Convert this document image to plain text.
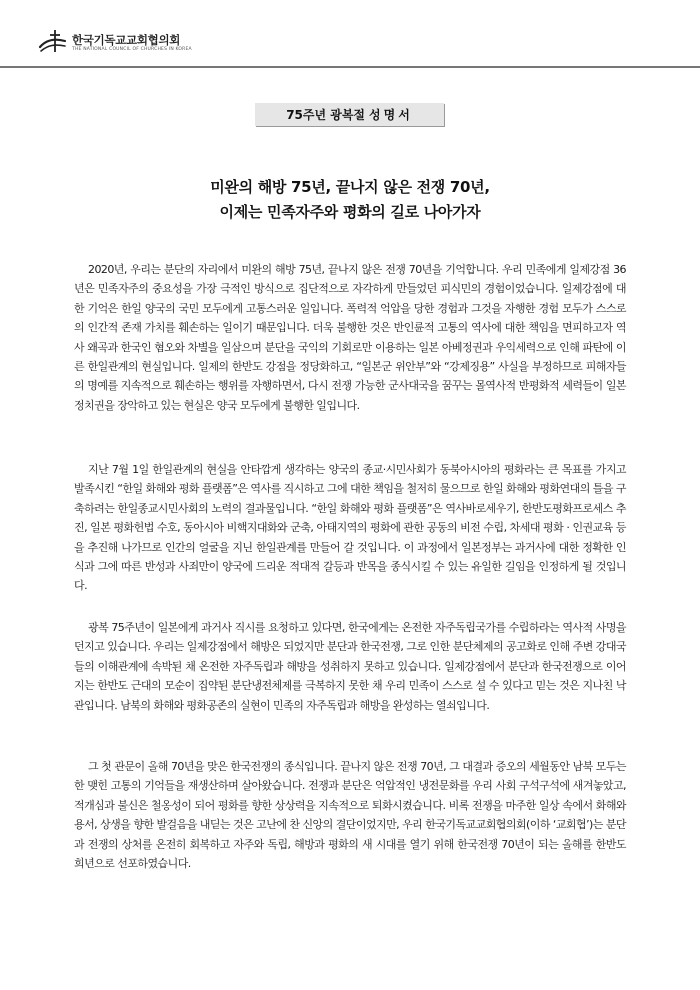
한국기독교교회협의회
THE NATIONAL COUNCIL OF CHURCHES IN KOREA
75주년 광복절 성명서
미완의 해방 75년, 끝나지 않은 전쟁 70년,
이제는 민족자주와 평화의 길로 나아가자

2020년, 우리는 분단의 자리에서 미완의 해방 75년, 끝나지 않은 전쟁 70년을 기억합니다. 우리 민족에게 일제강점 36년은 민족자주의 중요성을 가장 극적인 방식으로 집단적으로 자각하게 만들었던 피식민의 경험이었습니다. 일제강점에 대한 기억은 한일 양국의 국민 모두에게 고통스러운 일입니다. 폭력적 억압을 당한 경험과 그것을 자행한 경험 모두가 스스로의 인간적 존재 가치를 훼손하는 일이기 때문입니다. 더욱 불행한 것은 반인륜적 고통의 역사에 대한 책임을 면피하고자 역사 왜곡과 한국인 혐오와 차별을 일삼으며 분단을 국익의 기회로만 이용하는 일본 아베정권과 우익세력으로 인해 파탄에 이른 한일관계의 현실입니다. 일제의 한반도 강점을 정당화하고, “일본군 위안부”와 “강제징용” 사실을 부정하므로 피해자들의 명예를 지속적으로 훼손하는 행위를 자행하면서, 다시 전쟁 가능한 군사대국을 꿈꾸는 몰역사적 반평화적 세력들이 일본 정치권을 장악하고 있는 현실은 양국 모두에게 불행한 일입니다.

지난 7월 1일 한일관계의 현실을 안타깝게 생각하는 양국의 종교·시민사회가 동북아시아의 평화라는 큰 목표를 가지고 발족시킨 “한일 화해와 평화 플랫폼”은 역사를 직시하고 그에 대한 책임을 철저히 물으므로 한일 화해와 평화연대의 틀을 구축하려는 한일종교시민사회의 노력의 결과물입니다. “한일 화해와 평화 플랫폼”은 역사바로세우기, 한반도평화프로세스 추진, 일본 평화헌법 수호, 동아시아 비핵지대화와 군축, 아태지역의 평화에 관한 공동의 비전 수립, 차세대 평화 · 인권교육 등을 추진해 나가므로 인간의 얼굴을 지닌 한일관계를 만들어 갈 것입니다. 이 과정에서 일본정부는 과거사에 대한 정확한 인식과 그에 따른 반성과 사죄만이 양국에 드리운 적대적 갈등과 반목을 종식시킬 수 있는 유일한 길임을 인정하게 될 것입니다.

광복 75주년이 일본에게 과거사 직시를 요청하고 있다면, 한국에게는 온전한 자주독립국가를 수립하라는 역사적 사명을 던지고 있습니다. 우리는 일제강점에서 해방은 되었지만 분단과 한국전쟁, 그로 인한 분단체제의 공고화로 인해 주변 강대국들의 이해관계에 속박된 채 온전한 자주독립과 해방을 성취하지 못하고 있습니다. 일제강점에서 분단과 한국전쟁으로 이어지는 한반도 근대의 모순이 집약된 분단냉전체제를 극복하지 못한 채 우리 민족이 스스로 설 수 있다고 믿는 것은 지나친 낙관입니다. 남북의 화해와 평화공존의 실현이 민족의 자주독립과 해방을 완성하는 열쇠입니다.

그 첫 관문이 올해 70년을 맞은 한국전쟁의 종식입니다. 끝나지 않은 전쟁 70년, 그 대결과 증오의 세월동안 남북 모두는 한 맺힌 고통의 기억들을 재생산하며 살아왔습니다. 전쟁과 분단은 억압적인 냉전문화를 우리 사회 구석구석에 새겨놓았고, 적개심과 불신은 철옹성이 되어 평화를 향한 상상력을 지속적으로 퇴화시켰습니다. 비록 전쟁을 마주한 일상 속에서 화해와 용서, 상생을 향한 발걸음을 내딛는 것은 고난에 찬 신앙의 결단이었지만, 우리 한국기독교교회협의회(이하 ‘교회협’)는 분단과 전쟁의 상처를 온전히 회복하고 자주와 독립, 해방과 평화의 새 시대를 열기 위해 한국전쟁 70년이 되는 올해를 한반도 희년으로 선포하였습니다.
